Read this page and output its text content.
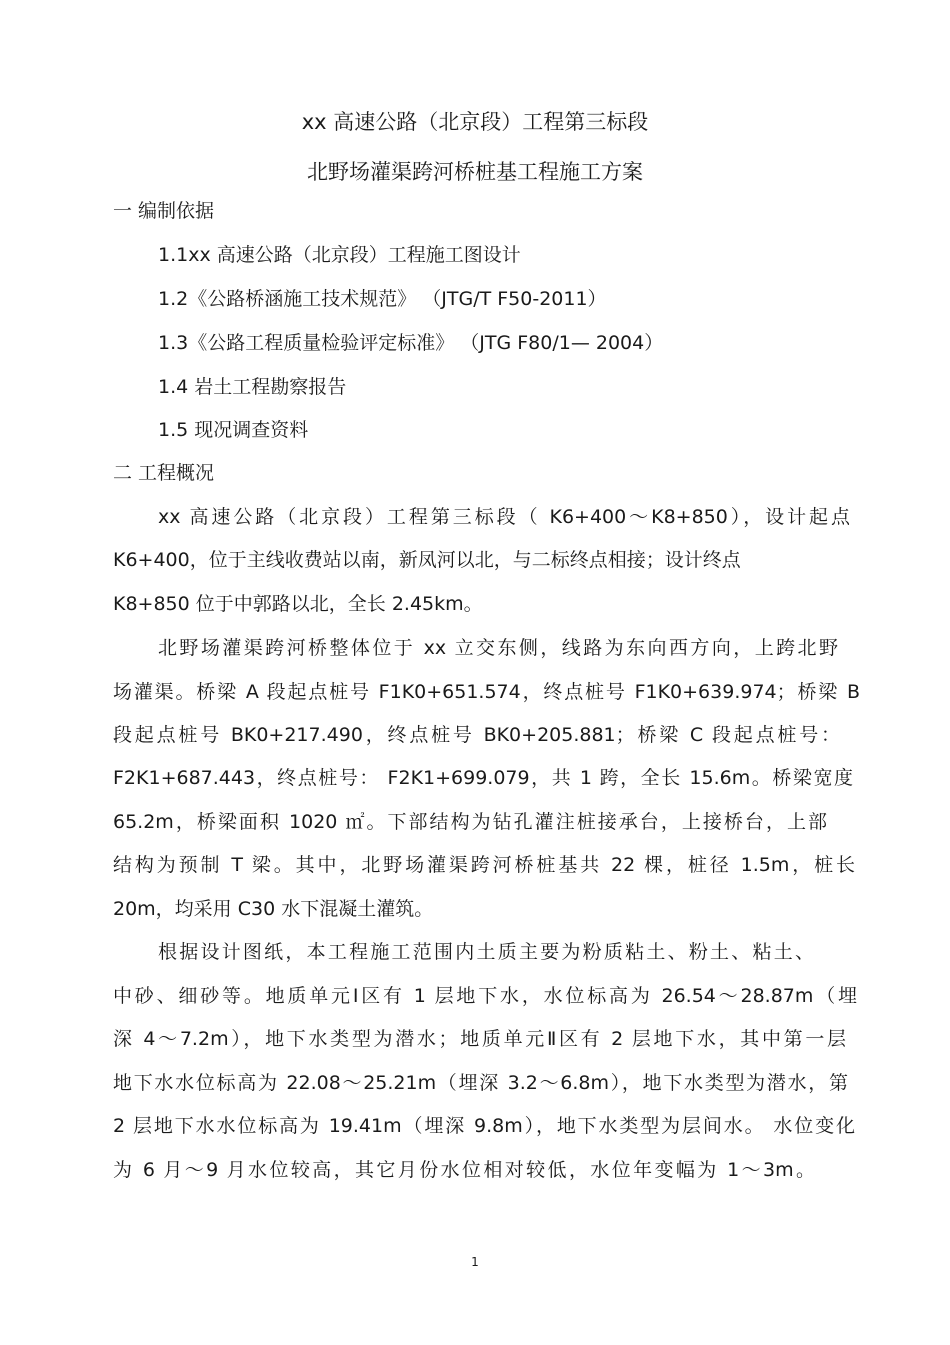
xx 高速公路（北京段）工程第三标段
北野场灌渠跨河桥桩基工程施工方案
一 编制依据
1.1xx 高速公路（北京段）工程施工图设计
1.2《公路桥涵施工技术规范》 （JTG/T F50-2011）
1.3《公路工程质量检验评定标准》 （JTG F80/1— 2004）
1.4 岩土工程勘察报告
1.5 现况调查资料
二 工程概况
xx 高速公路（北京段）工程第三标段（ K6+400～K8+850），设计起点
K6+400，位于主线收费站以南，新凤河以北，与二标终点相接；设计终点
K8+850 位于中郭路以北，全长 2.45km。
北野场灌渠跨河桥整体位于 xx 立交东侧，线路为东向西方向，上跨北野
场灌渠。桥梁 A 段起点桩号 F1K0+651.574，终点桩号 F1K0+639.974；桥梁 B
段起点桩号 BK0+217.490，终点桩号 BK0+205.881；桥梁 C 段起点桩号：
F2K1+687.443，终点桩号： F2K1+699.079，共 1 跨，全长 15.6m。桥梁宽度
65.2m，桥梁面积 1020 ㎡。下部结构为钻孔灌注桩接承台，上接桥台，上部
结构为预制 T 梁。其中，北野场灌渠跨河桥桩基共 22 棵，桩径 1.5m，桩长
20m，均采用 C30 水下混凝土灌筑。
根据设计图纸，本工程施工范围内土质主要为粉质粘土、粉土、粘土、
中砂、细砂等。地质单元Ⅰ区有 1 层地下水，水位标高为 26.54～28.87m（埋
深 4～7.2m），地下水类型为潜水；地质单元Ⅱ区有 2 层地下水，其中第一层
地下水水位标高为 22.08～25.21m（埋深 3.2～6.8m），地下水类型为潜水，第
2 层地下水水位标高为 19.41m（埋深 9.8m），地下水类型为层间水。 水位变化
为 6 月～9 月水位较高，其它月份水位相对较低，水位年变幅为 1～3m。
1
